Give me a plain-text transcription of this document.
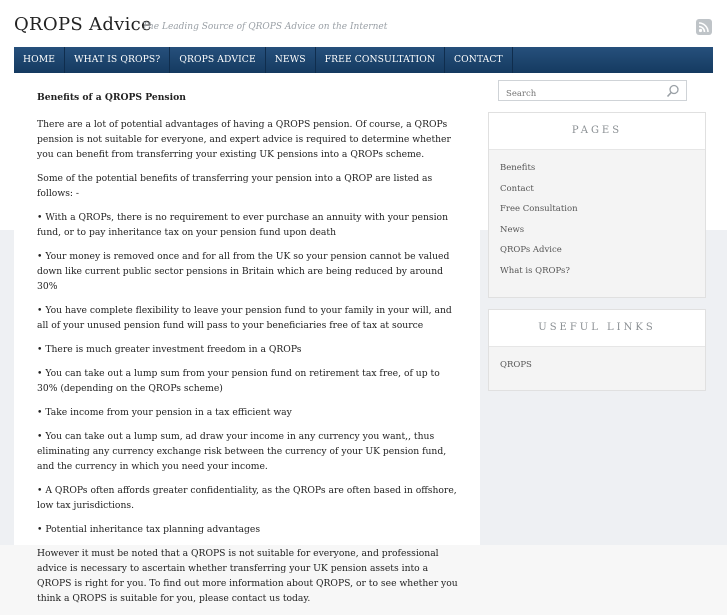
QROPS Advice
The Leading Source of QROPS Advice on the Internet
HOME	WHAT IS QROPS?	QROPS ADVICE	NEWS	FREE CONSULTATION	CONTACT
Benefits of a QROPS Pension

There are a lot of potential advantages of having a QROPS pension. Of course, a QROPs pension is not suitable for everyone, and expert advice is required to determine whether you can benefit from transferring your existing UK pensions into a QROPs scheme.

Some of the potential benefits of transferring your pension into a QROP are listed as follows: -

• With a QROPs, there is no requirement to ever purchase an annuity with your pension fund, or to pay inheritance tax on your pension fund upon death

• Your money is removed once and for all from the UK so your pension cannot be valued down like current public sector pensions in Britain which are being reduced by around 30%

• You have complete flexibility to leave your pension fund to your family in your will, and all of your unused pension fund will pass to your beneficiaries free of tax at source

• There is much greater investment freedom in a QROPs

• You can take out a lump sum from your pension fund on retirement tax free, of up to 30% (depending on the QROPs scheme)

• Take income from your pension in a tax efficient way

• You can take out a lump sum, ad draw your income in any currency you want,, thus eliminating any currency exchange risk between the currency of your UK pension fund, and the currency in which you need your income.

• A QROPs often affords greater confidentiality, as the QROPs are often based in offshore, low tax jurisdictions.

• Potential inheritance tax planning advantages

However it must be noted that a QROPS is not suitable for everyone, and professional advice is necessary to ascertain whether transferring your UK pension assets into a QROPS is right for you. To find out more information about QROPS, or to see whether you think a QROPS is suitable for you, please contact us today.

Search
PAGES
Benefits
Contact
Free Consultation
News
QROPs Advice
What is QROPs?
USEFUL LINKS
QROPS
